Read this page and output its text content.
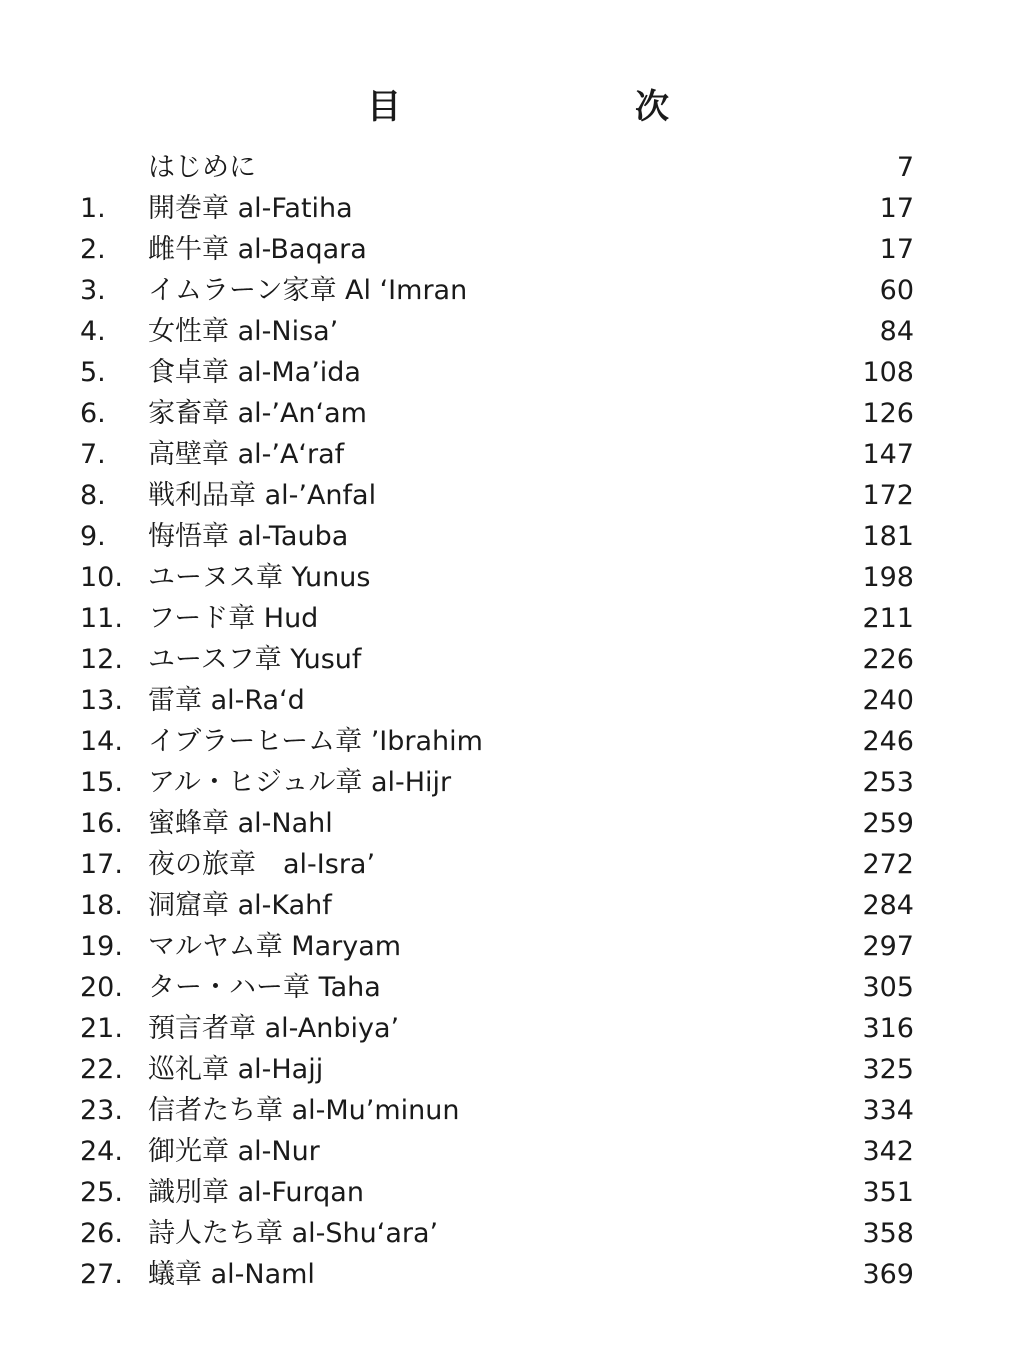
目　次
はじめに	7
1.	開巻章 al-Fatiha	17
2.	雌牛章 al-Baqara	17
3.	イムラーン家章 Al ‘Imran	60
4.	女性章 al-Nisa’	84
5.	食卓章 al-Ma’ida	108
6.	家畜章 al-’An‘am	126
7.	高壁章 al-’A‘raf	147
8.	戦利品章 al-’Anfal	172
9.	悔悟章 al-Tauba	181
10. ユーヌス章 Yunus	198
11. フード章 Hud	211
12. ユースフ章 Yusuf	226
13. 雷章 al-Ra‘d	240
14. イブラーヒーム章 ’Ibrahim	246
15. アル・ヒジュル章 al-Hijr	253
16. 蜜蜂章 al-Nahl	259
17. 夜の旅章　al-Isra’	272
18. 洞窟章 al-Kahf	284
19. マルヤム章 Maryam	297
20. ター・ハー章 Taha	305
21. 預言者章 al-Anbiya’	316
22. 巡礼章 al-Hajj	325
23. 信者たち章 al-Mu’minun	334
24. 御光章 al-Nur	342
25. 識別章 al-Furqan	351
26. 詩人たち章 al-Shu‘ara’	358
27. 蟻章 al-Naml	369
